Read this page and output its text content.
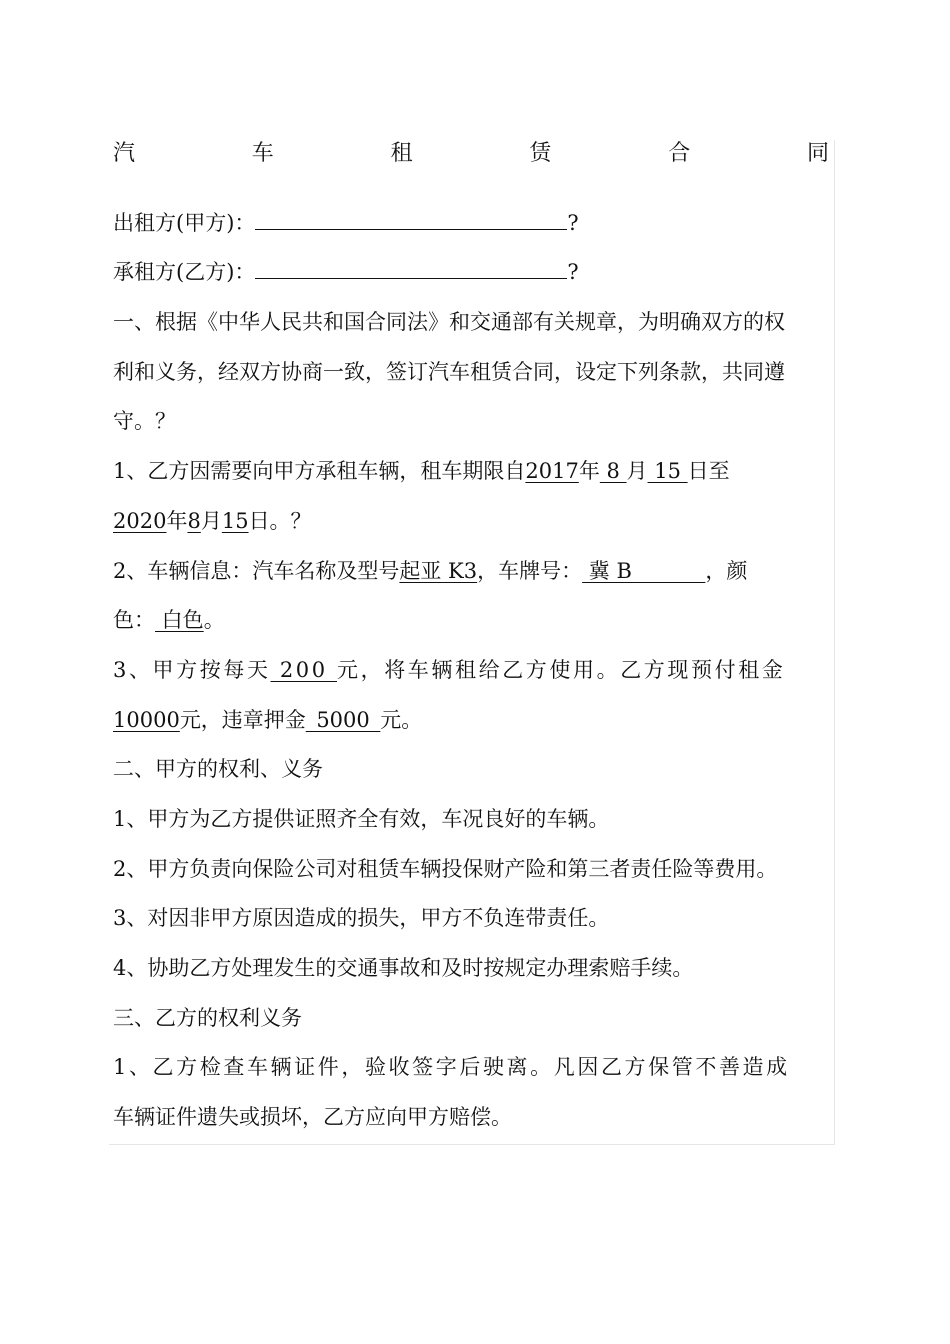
汽	车	租	赁	合	同
出租方(甲方)：	?
承租方(乙方)：	?
一、根据《中华人民共和国合同法》和交通部有关规章，为明确双方的权
利和义务，经双方协商一致，签订汽车租赁合同，设定下列条款，共同遵
守。？
1、乙方因需要向甲方承租车辆，租车期限自2017年 8 月 15 日至
2020年8月15日。？
2、车辆信息：汽车名称及型号起亚 K3，车牌号： 冀 B           ，颜
色： 白色。
3、甲方按每天 200 元，将车辆租给乙方使用。乙方现预付租金
10000元，违章押金_5000_元。
二、甲方的权利、义务
1、甲方为乙方提供证照齐全有效，车况良好的车辆。
2、甲方负责向保险公司对租赁车辆投保财产险和第三者责任险等费用。
3、对因非甲方原因造成的损失，甲方不负连带责任。
4、协助乙方处理发生的交通事故和及时按规定办理索赔手续。
三、乙方的权利义务
1、乙方检查车辆证件，验收签字后驶离。凡因乙方保管不善造成
车辆证件遗失或损坏，乙方应向甲方赔偿。
